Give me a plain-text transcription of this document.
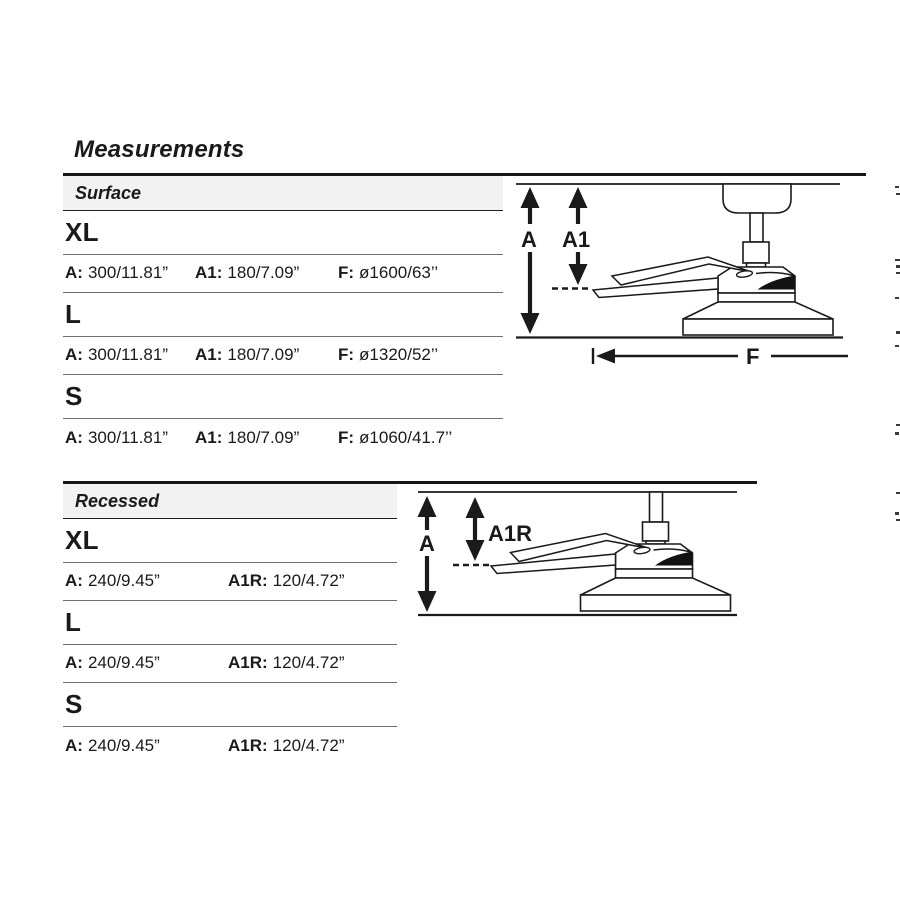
Measurements
Surface
XL
A: 300/11.81” A1: 180/7.09” F: ø1600/63’’
L
A: 300/11.81” A1: 180/7.09” F: ø1320/52’’
S
A: 300/11.81” A1: 180/7.09” F: ø1060/41.7’’
A A1
F
Recessed
XL
A: 240/9.45”	A1R: 120/4.72”
L
A: 240/9.45”	A1R: 120/4.72”
S
A: 240/9.45”	A1R: 120/4.72”
A A1R
